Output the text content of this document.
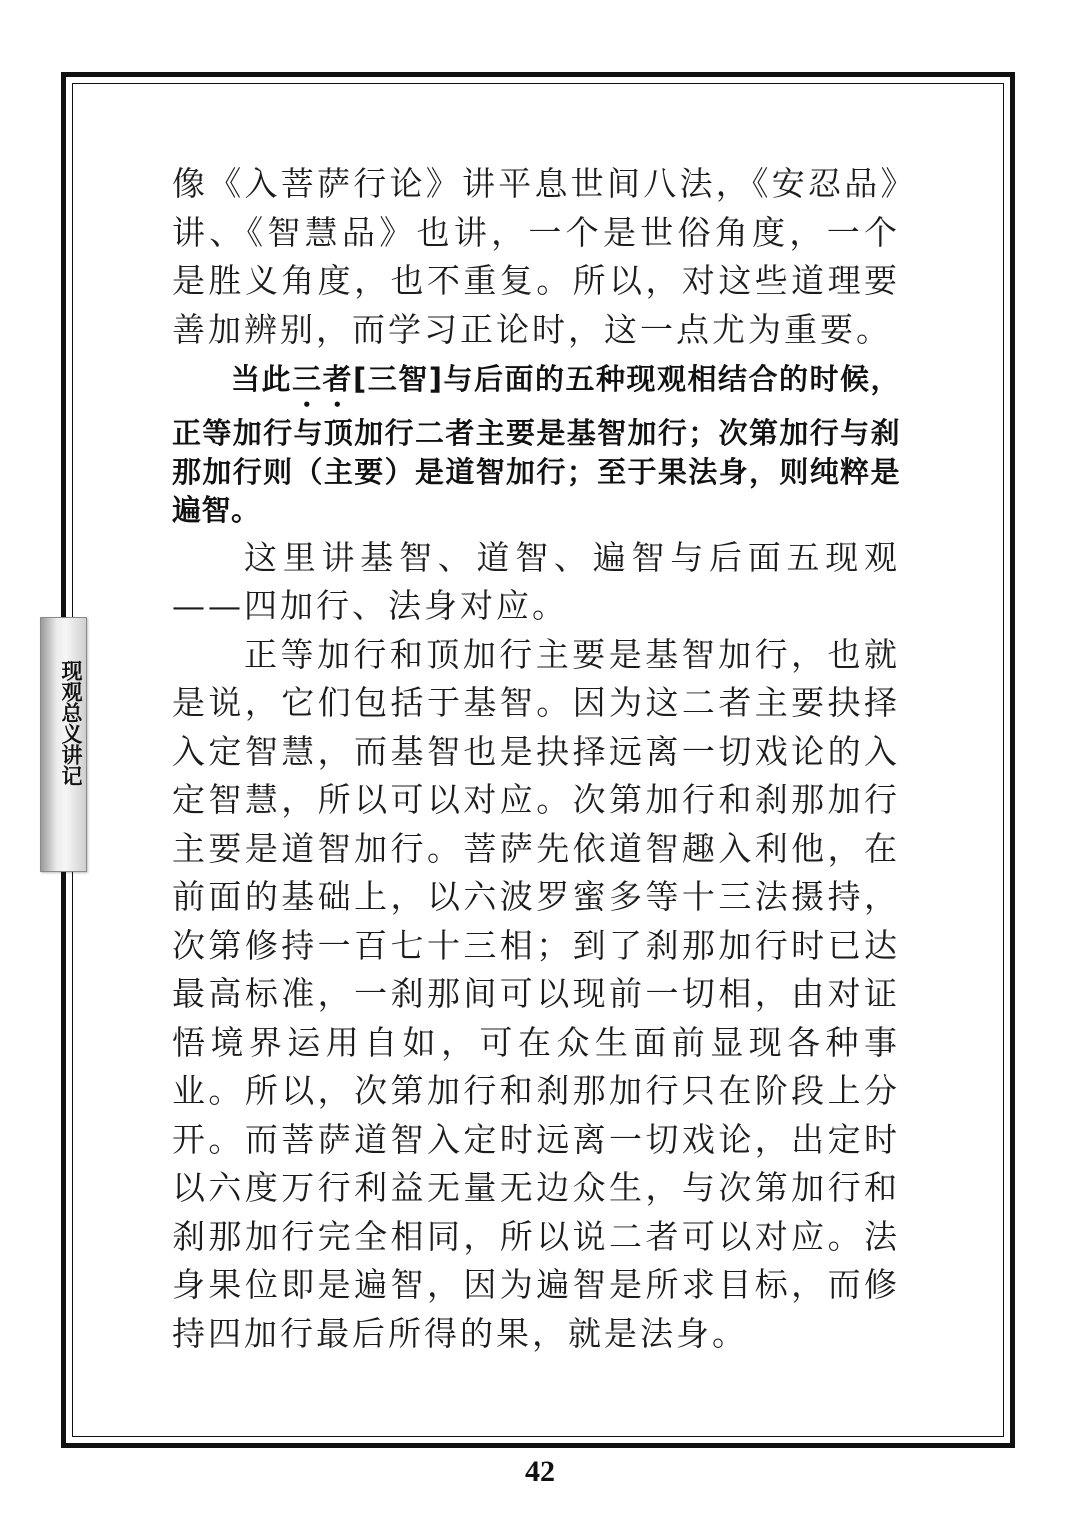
现观总义讲记

像《入菩萨行论》讲平息世间八法，《安忍品》讲、《智慧品》也讲，一个是世俗角度，一个是胜义角度，也不重复。所以，对这些道理要善加辨别，而学习正论时，这一点尤为重要。

当此三者[三智]与后面的五种现观相结合的时候，正等加行与顶加行二者主要是基智加行；次第加行与刹那加行则（主要）是道智加行；至于果法身，则纯粹是遍智。

这里讲基智、道智、遍智与后面五现观——四加行、法身对应。

正等加行和顶加行主要是基智加行，也就是说，它们包括于基智。因为这二者主要抉择入定智慧，而基智也是抉择远离一切戏论的入定智慧，所以可以对应。次第加行和刹那加行主要是道智加行。菩萨先依道智趣入利他，在前面的基础上，以六波罗蜜多等十三法摄持，次第修持一百七十三相；到了刹那加行时已达最高标准，一刹那间可以现前一切相，由对证悟境界运用自如，可在众生面前显现各种事业。所以，次第加行和刹那加行只在阶段上分开。而菩萨道智入定时远离一切戏论，出定时以六度万行利益无量无边众生，与次第加行和刹那加行完全相同，所以说二者可以对应。法身果位即是遍智，因为遍智是所求目标，而修持四加行最后所得的果，就是法身。

42
